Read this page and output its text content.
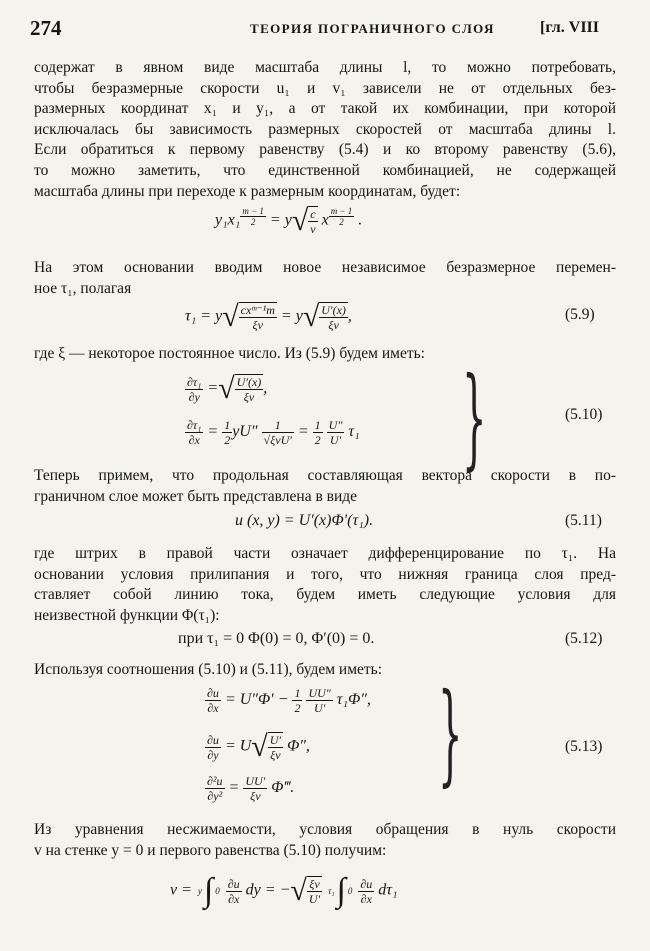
274	ТЕОРИЯ ПОГРАНИЧНОГО СЛОЯ	[гл. VIII
содержат в явном виде масштаба длины l, то можно потребовать,
чтобы безразмерные скорости u₁ и v₁ зависели не от отдельных без-
размерных координат x₁ и y₁, а от такой их комбинации, при которой
исключалась бы зависимость размерных скоростей от масштаба длины l.
Если обратиться к первому равенству (5.4) и ко второму равенству (5.6),
то можно заметить, что единственной комбинацией, не содержащей
масштаба длины при переходе к размерным координатам, будет:
y₁x₁ $^{\frac{m - 1}{2}} = y√ \frac{c}{\nu}$ x $^{\frac{m - 1}{2}}$ .
На этом основании вводим новое независимое безразмерное перемен-
ное τ₁, полагая
$\tau_1 = y√ \frac{\text{cxᵐ⁻¹m}}{\xi\nu} = y√ \frac{U'(x)}{\xi\nu}$ ,	(5.9)
где ξ — некоторое постоянное число. Из (5.9) будем иметь:
$\frac{\text{∂τ₁}}{\partial y}$ =√ $\frac{U'(x)}{\xi\nu}$ ,
$\frac{\text{∂τ₁}}{\partial x} = \frac{1}{2} yU'' \frac{1}{\text{√ξνU′}} = \frac{1}{2}$
$\frac{U''}{U'} \tau_1$ }	(5.10)
Теперь примем, что продольная составляющая вектора скорости в по-
граничном слое может быть представлена в виде
u (x, y) = U′(x)Φ′(τ₁).	(5.11)
где штрих в правой части означает дифференцирование по τ₁. На
основании условия прилипания и того, что нижняя граница слоя пред-
ставляет собой линию тока, будем иметь следующие условия для
неизвестной функции Φ(τ₁):
при τ₁ = 0 Φ(0) = 0, Φ′(0) = 0.	(5.12)
Используя соотношения (5.10) и (5.11), будем иметь:
$\frac{\partial u}{\partial x} = U''\Phi' - \frac{1}{2}$
$\frac{UU''}{U'} \tau_1\Phi''$,
$\frac{\partial u}{\partial y} = U√ \frac{U'}{\xi\nu} \Phi''$,
$\frac{\text{∂²u}}{\text{∂y²}} = \frac{UU'}{\xi\nu}$ Φ‴. }	(5.13)
Из уравнения несжимаемости, условия обращения в нуль скорости
v на стенке y = 0 и первого равенства (5.10) получим:
v = y ∫ 0
$\frac{\partial u}{\partial x}$ dy = −√ $\frac{\xi\nu}{U'}$
τ₁ ∫ 0
$\frac{\partial u}{\partial x} d\tau_1$
